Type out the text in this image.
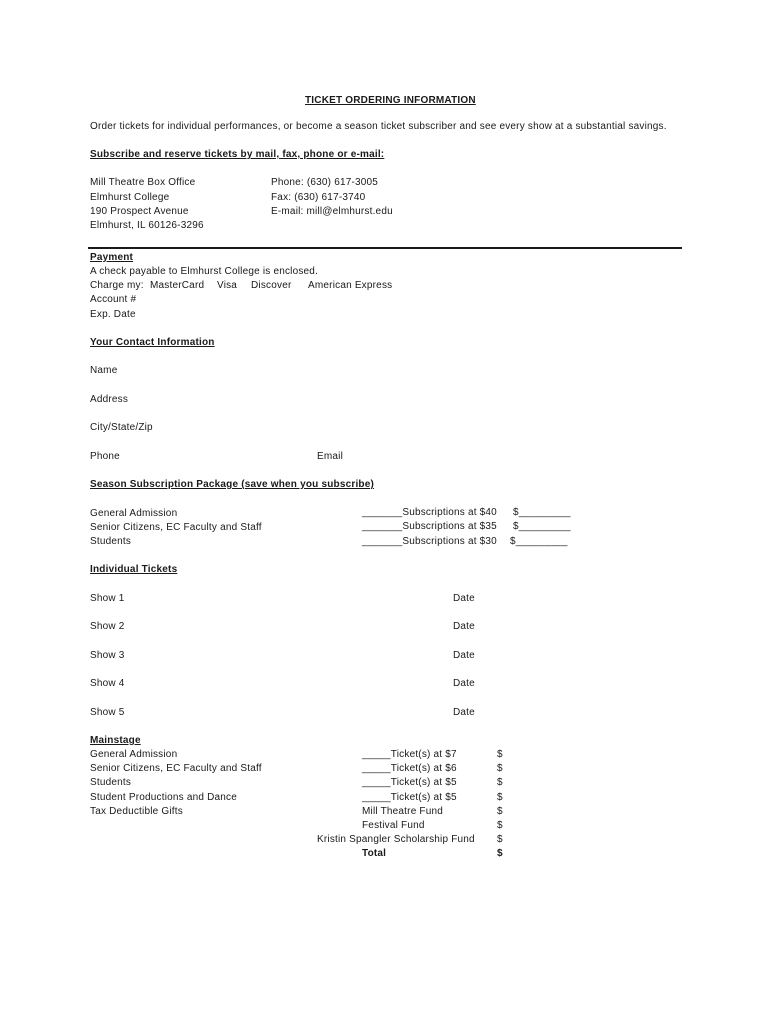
TICKET ORDERING INFORMATION
Order tickets for individual performances, or become a season ticket subscriber and see every show at a substantial savings.
Subscribe and reserve tickets by mail, fax, phone or e-mail:
Mill Theatre Box Office
Elmhurst College
190 Prospect Avenue
Elmhurst, IL 60126-3296
Phone: (630) 617-3005
Fax: (630) 617-3740
E-mail: mill@elmhurst.edu
Payment
A check payable to Elmhurst College is enclosed.
Charge my: MasterCard Visa Discover American Express
Account #
Exp. Date
Your Contact Information
Name
Address
City/State/Zip
Phone	Email
Season Subscription Package (save when you subscribe)
General Admission	_______Subscriptions at $40 $_________
Senior Citizens, EC Faculty and Staff	_______Subscriptions at $35 $_________
Students	_______Subscriptions at $30 $_________
Individual Tickets
Show 1	Date
Show 2	Date
Show 3	Date
Show 4	Date
Show 5	Date
Mainstage
General Admission	_____Ticket(s) at $7	$
Senior Citizens, EC Faculty and Staff	_____Ticket(s) at $6	$
Students	_____Ticket(s) at $5	$
Student Productions and Dance	_____Ticket(s) at $5	$
Tax Deductible Gifts	Mill Theatre Fund	$
Festival Fund	$
Kristin Spangler Scholarship Fund $
Total	$
